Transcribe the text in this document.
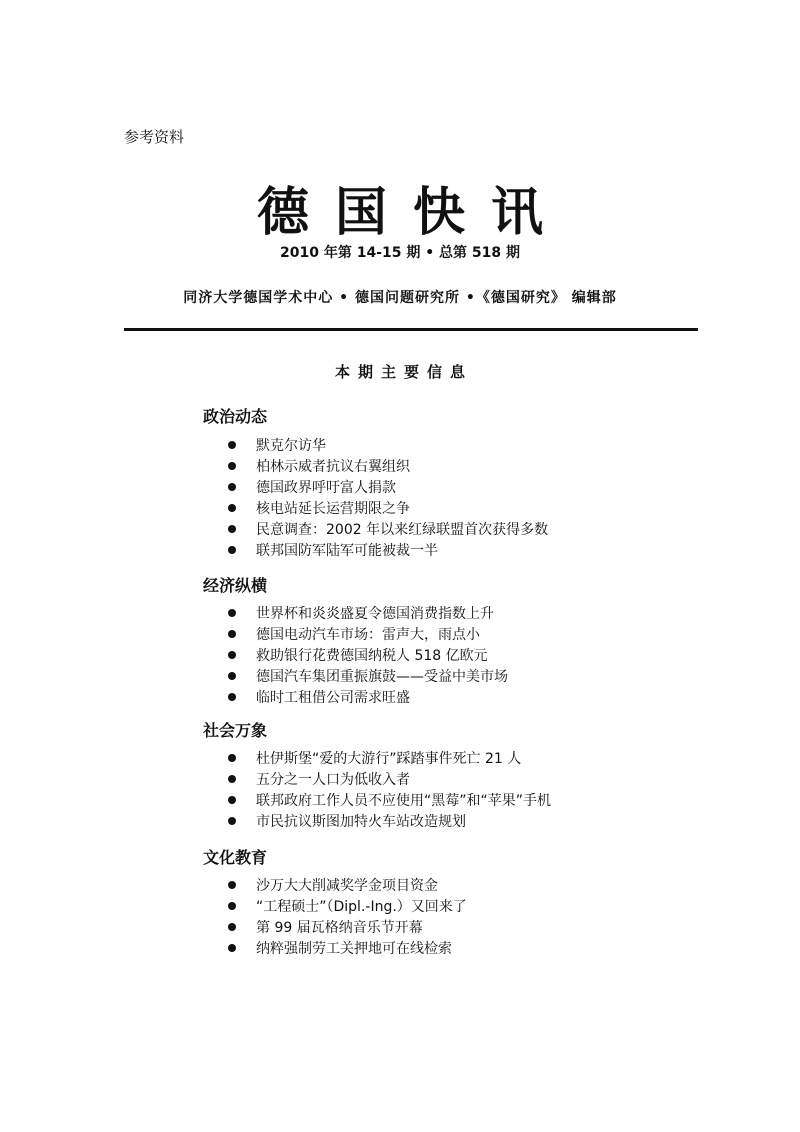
参考资料
德国快讯
2010 年第 14-15 期 • 总第 518 期
同济大学德国学术中心 • 德国问题研究所 •《德国研究》 编辑部
本期主要信息
政治动态
默克尔访华
柏林示威者抗议右翼组织
德国政界呼吁富人捐款
核电站延长运营期限之争
民意调查：2002 年以来红绿联盟首次获得多数
联邦国防军陆军可能被裁一半
经济纵横
世界杯和炎炎盛夏令德国消费指数上升
德国电动汽车市场：雷声大，雨点小
救助银行花费德国纳税人 518 亿欧元
德国汽车集团重振旗鼓——受益中美市场
临时工租借公司需求旺盛
社会万象
杜伊斯堡“爱的大游行”踩踏事件死亡 21 人
五分之一人口为低收入者
联邦政府工作人员不应使用“黑莓”和“苹果”手机
市民抗议斯图加特火车站改造规划
文化教育
沙万大大削减奖学金项目资金
“工程硕士”（Dipl.-Ing.）又回来了
第 99 届瓦格纳音乐节开幕
纳粹强制劳工关押地可在线检索
